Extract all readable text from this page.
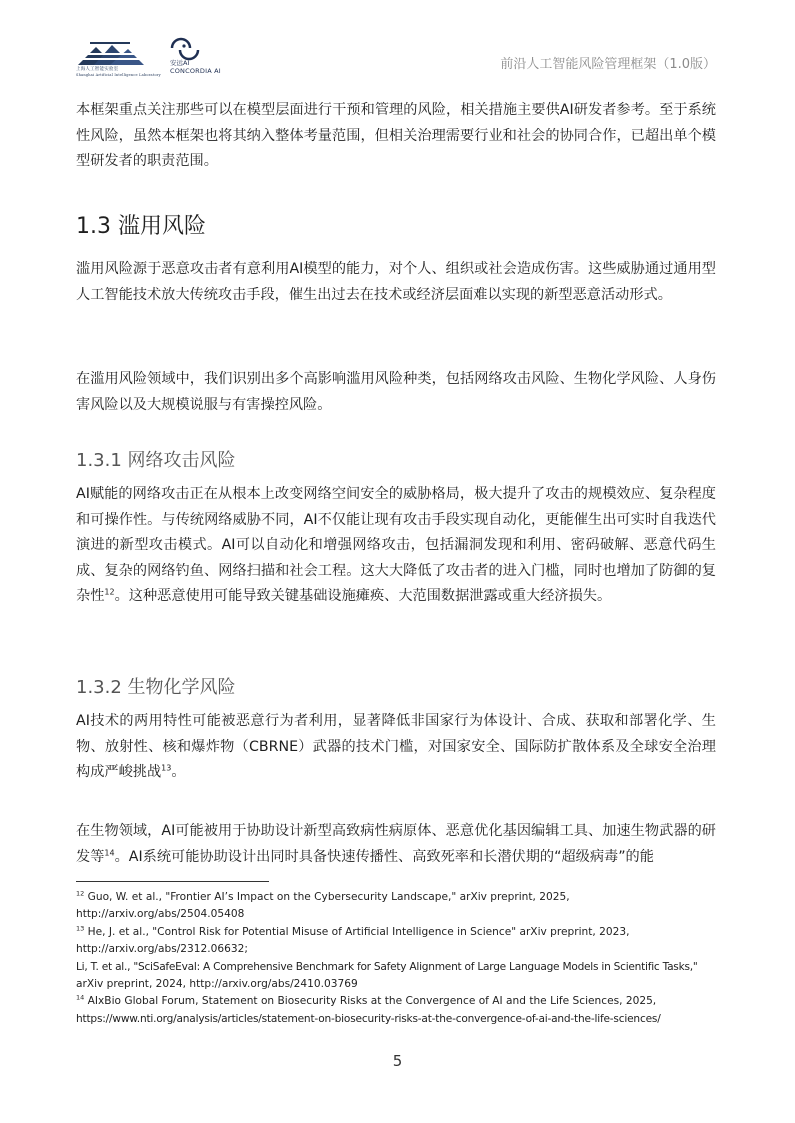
上海人工智能实验室
Shanghai Artificial Intelligence Laboratory
安远AI
CONCORDIA AI	前沿人工智能风险管理框架（1.0版）

本框架重点关注那些可以在模型层面进行干预和管理的风险，相关措施主要供AI研发者参考。至于系统性风险，虽然本框架也将其纳入整体考量范围，但相关治理需要行业和社会的协同合作，已超出单个模型研发者的职责范围。

1.3 滥用风险

滥用风险源于恶意攻击者有意利用AI模型的能力，对个人、组织或社会造成伤害。这些威胁通过通用型人工智能技术放大传统攻击手段，催生出过去在技术或经济层面难以实现的新型恶意活动形式。

在滥用风险领域中，我们识别出多个高影响滥用风险种类，包括网络攻击风险、生物化学风险、人身伤害风险以及大规模说服与有害操控风险。

1.3.1 网络攻击风险

AI赋能的网络攻击正在从根本上改变网络空间安全的威胁格局，极大提升了攻击的规模效应、复杂程度和可操作性。与传统网络威胁不同，AI不仅能让现有攻击手段实现自动化，更能催生出可实时自我迭代演进的新型攻击模式。AI可以自动化和增强网络攻击，包括漏洞发现和利用、密码破解、恶意代码生成、复杂的网络钓鱼、网络扫描和社会工程。这大大降低了攻击者的进入门槛，同时也增加了防御的复杂性$^{12}$。这种恶意使用可能导致关键基础设施瘫痪、大范围数据泄露或重大经济损失。

1.3.2 生物化学风险

AI技术的两用特性可能被恶意行为者利用，显著降低非国家行为体设计、合成、获取和部署化学、生物、放射性、核和爆炸物（CBRNE）武器的技术门槛，对国家安全、国际防扩散体系及全球安全治理构成严峻挑战$^{13}$。

在生物领域，AI可能被用于协助设计新型高致病性病原体、恶意优化基因编辑工具、加速生物武器的研发等$^{14}$。AI系统可能协助设计出同时具备快速传播性、高致死率和长潜伏期的“超级病毒”的能

$^{12}$ Guo, W. et al., "Frontier AI’s Impact on the Cybersecurity Landscape," arXiv preprint, 2025,
http://arxiv.org/abs/2504.05408
$^{13}$ He, J. et al., "Control Risk for Potential Misuse of Artificial Intelligence in Science" arXiv preprint, 2023,
http://arxiv.org/abs/2312.06632;
Li, T. et al., "SciSafeEval: A Comprehensive Benchmark for Safety Alignment of Large Language Models in Scientific Tasks,"
arXiv preprint, 2024, http://arxiv.org/abs/2410.03769
$^{14}$ AIxBio Global Forum, Statement on Biosecurity Risks at the Convergence of AI and the Life Sciences, 2025,
https://www.nti.org/analysis/articles/statement-on-biosecurity-risks-at-the-convergence-of-ai-and-the-life-sciences/
5
